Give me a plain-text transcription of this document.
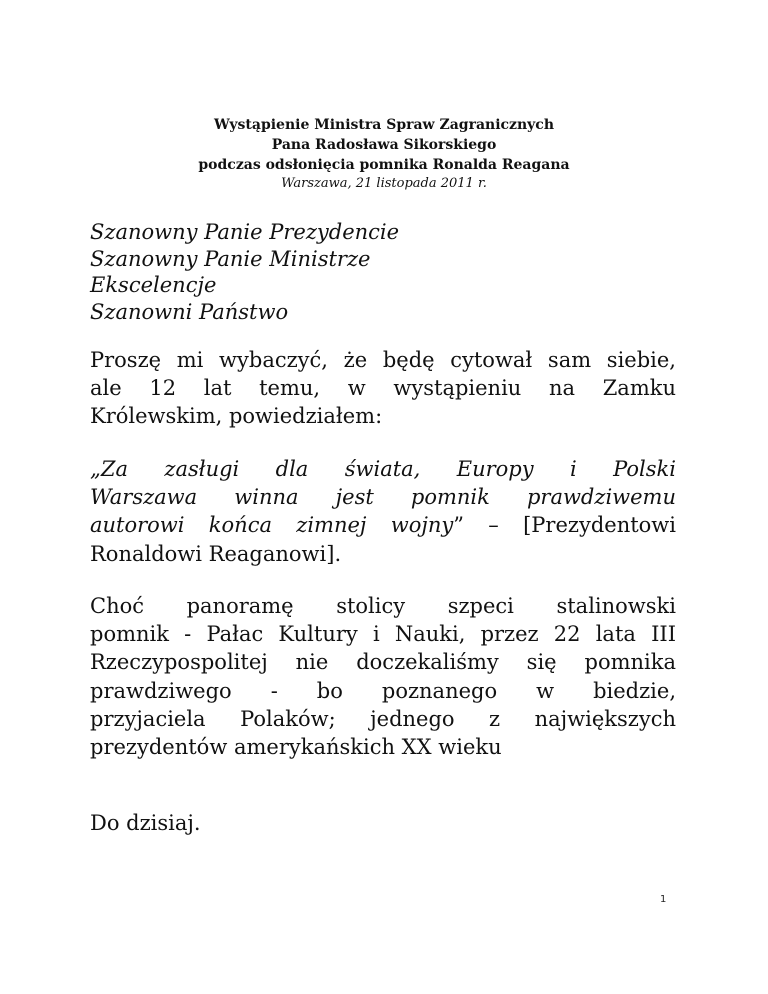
Wystąpienie Ministra Spraw Zagranicznych
Pana Radosława Sikorskiego
podczas odsłonięcia pomnika Ronalda Reagana
Warszawa, 21 listopada 2011 r.
Szanowny Panie Prezydencie
Szanowny Panie Ministrze
Ekscelencje
Szanowni Państwo
Proszę mi wybaczyć, że będę cytował sam siebie,
ale 12 lat temu, w wystąpieniu na Zamku
Królewskim, powiedziałem:
„Za zasługi dla świata, Europy i Polski
Warszawa winna jest pomnik prawdziwemu
autorowi końca zimnej wojny” – [Prezydentowi
Ronaldowi Reaganowi].
Choć panoramę stolicy szpeci stalinowski
pomnik - Pałac Kultury i Nauki, przez 22 lata III
Rzeczypospolitej nie doczekaliśmy się pomnika
prawdziwego - bo poznanego w biedzie,
przyjaciela Polaków; jednego z największych
prezydentów amerykańskich XX wieku
Do dzisiaj.
1
